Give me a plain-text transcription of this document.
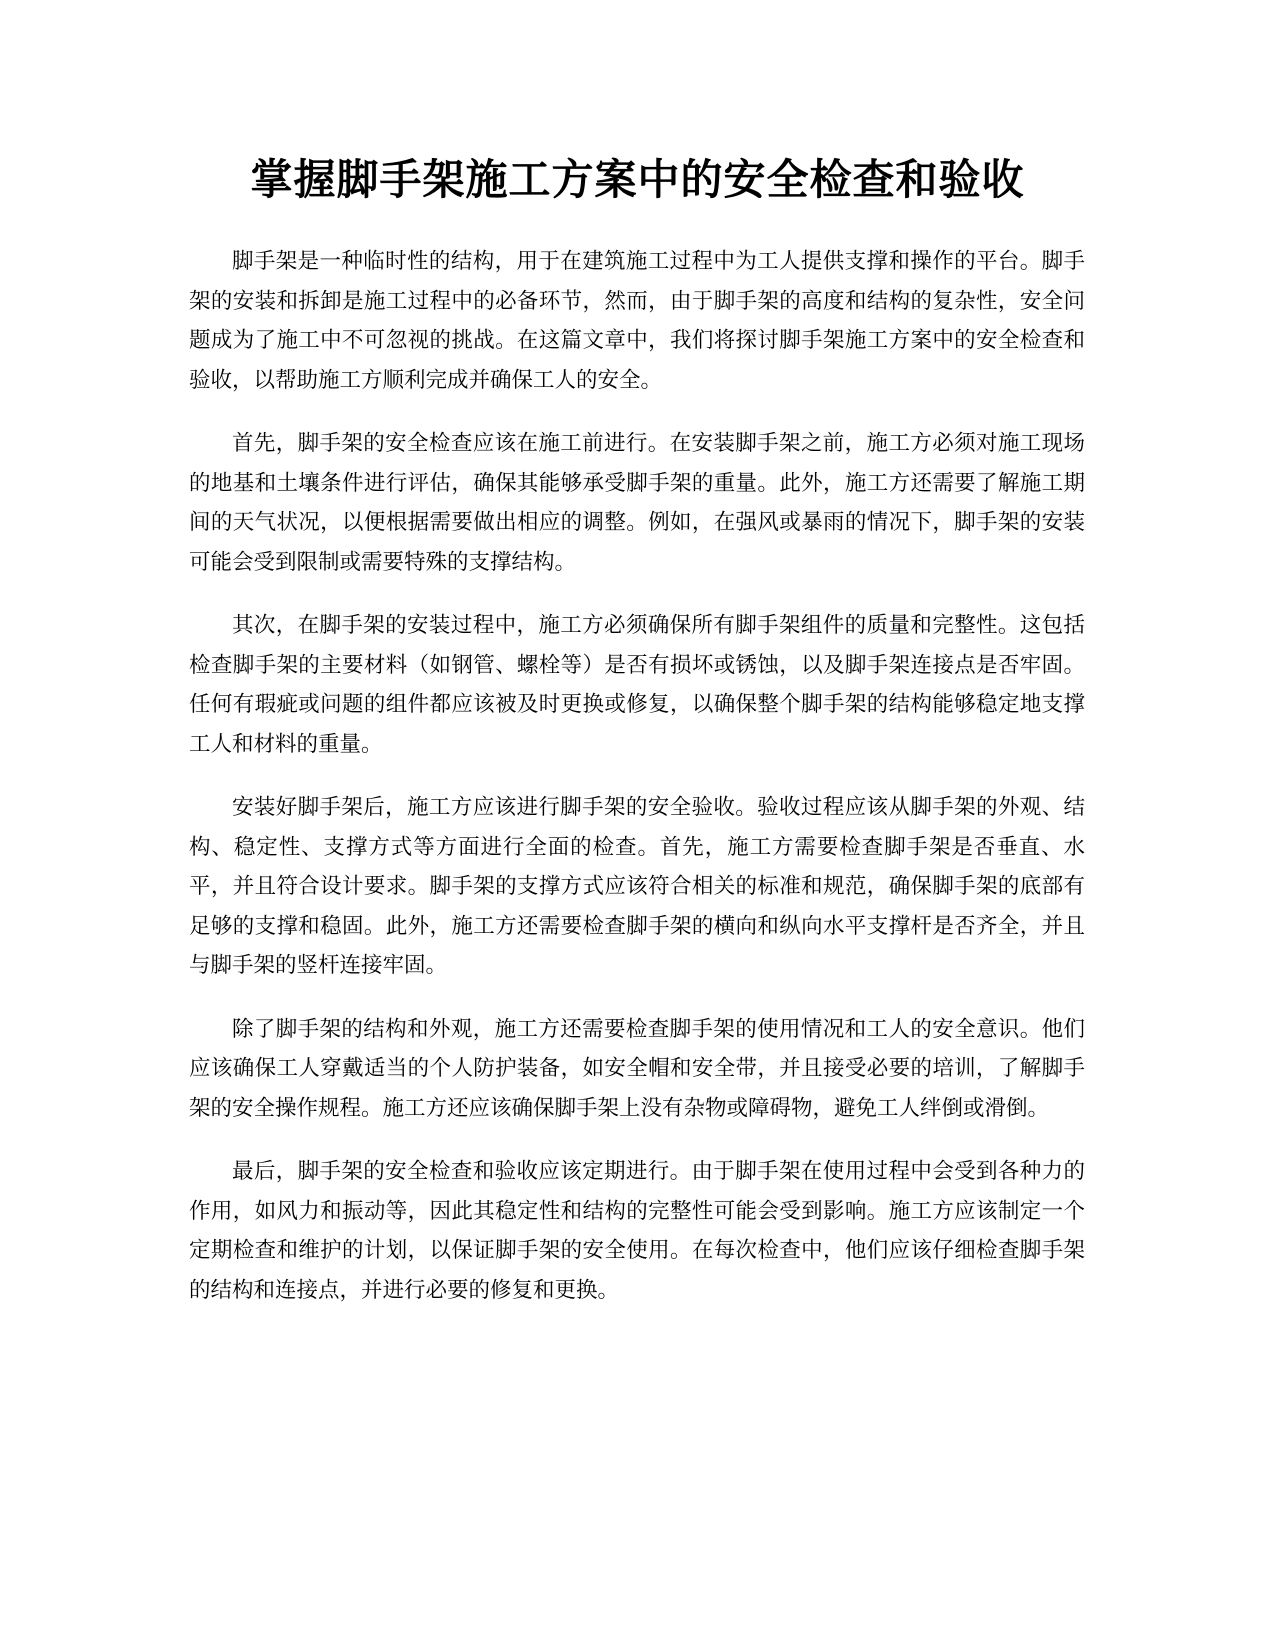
掌握脚手架施工方案中的安全检查和验收

脚手架是一种临时性的结构，用于在建筑施工过程中为工人提供支撑和操作的平台。脚手架的安装和拆卸是施工过程中的必备环节，然而，由于脚手架的高度和结构的复杂性，安全问题成为了施工中不可忽视的挑战。在这篇文章中，我们将探讨脚手架施工方案中的安全检查和验收，以帮助施工方顺利完成并确保工人的安全。

首先，脚手架的安全检查应该在施工前进行。在安装脚手架之前，施工方必须对施工现场的地基和土壤条件进行评估，确保其能够承受脚手架的重量。此外，施工方还需要了解施工期间的天气状况，以便根据需要做出相应的调整。例如，在强风或暴雨的情况下，脚手架的安装可能会受到限制或需要特殊的支撑结构。

其次，在脚手架的安装过程中，施工方必须确保所有脚手架组件的质量和完整性。这包括检查脚手架的主要材料（如钢管、螺栓等）是否有损坏或锈蚀，以及脚手架连接点是否牢固。任何有瑕疵或问题的组件都应该被及时更换或修复，以确保整个脚手架的结构能够稳定地支撑工人和材料的重量。

安装好脚手架后，施工方应该进行脚手架的安全验收。验收过程应该从脚手架的外观、结构、稳定性、支撑方式等方面进行全面的检查。首先，施工方需要检查脚手架是否垂直、水平，并且符合设计要求。脚手架的支撑方式应该符合相关的标准和规范，确保脚手架的底部有足够的支撑和稳固。此外，施工方还需要检查脚手架的横向和纵向水平支撑杆是否齐全，并且与脚手架的竖杆连接牢固。

除了脚手架的结构和外观，施工方还需要检查脚手架的使用情况和工人的安全意识。他们应该确保工人穿戴适当的个人防护装备，如安全帽和安全带，并且接受必要的培训，了解脚手架的安全操作规程。施工方还应该确保脚手架上没有杂物或障碍物，避免工人绊倒或滑倒。

最后，脚手架的安全检查和验收应该定期进行。由于脚手架在使用过程中会受到各种力的作用，如风力和振动等，因此其稳定性和结构的完整性可能会受到影响。施工方应该制定一个定期检查和维护的计划，以保证脚手架的安全使用。在每次检查中，他们应该仔细检查脚手架的结构和连接点，并进行必要的修复和更换。
